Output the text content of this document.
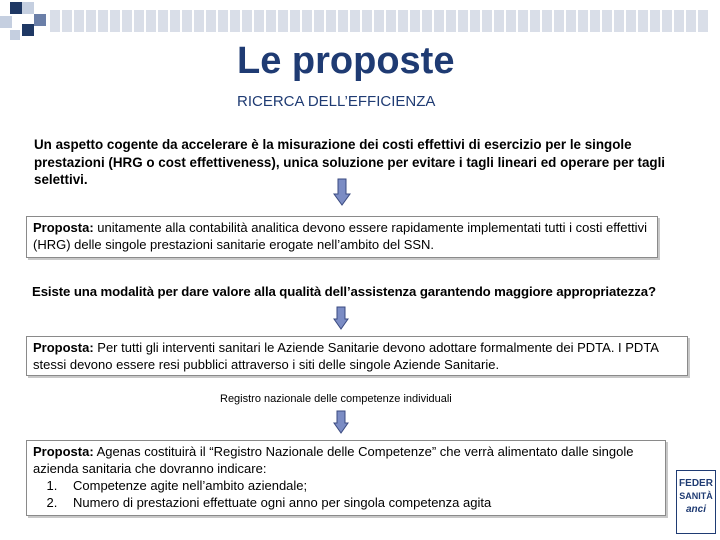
Le proposte
RICERCA DELL’EFFICIENZA
Un aspetto cogente da accelerare è la misurazione dei costi effettivi di esercizio per le singole prestazioni (HRG o cost effettiveness), unica soluzione per evitare i tagli lineari ed operare per tagli selettivi.
Proposta: unitamente alla contabilità analitica devono essere rapidamente implementati tutti i costi effettivi (HRG) delle singole prestazioni sanitarie erogate nell’ambito del SSN.
Esiste una modalità per dare valore alla qualità dell’assistenza garantendo maggiore appropriatezza?
Proposta: Per tutti gli interventi sanitari le Aziende Sanitarie devono adottare formalmente dei PDTA. I PDTA stessi devono essere resi pubblici attraverso i siti delle singole Aziende Sanitarie.
Registro nazionale delle competenze individuali
Proposta: Agenas costituirà il “Registro Nazionale delle Competenze” che verrà alimentato dalle singole azienda sanitaria che dovranno indicare:
1. Competenze agite nell’ambito aziendale;
2. Numero di prestazioni effettuate ogni anno per singola competenza agita
FEDER
SANITÀ
anci
